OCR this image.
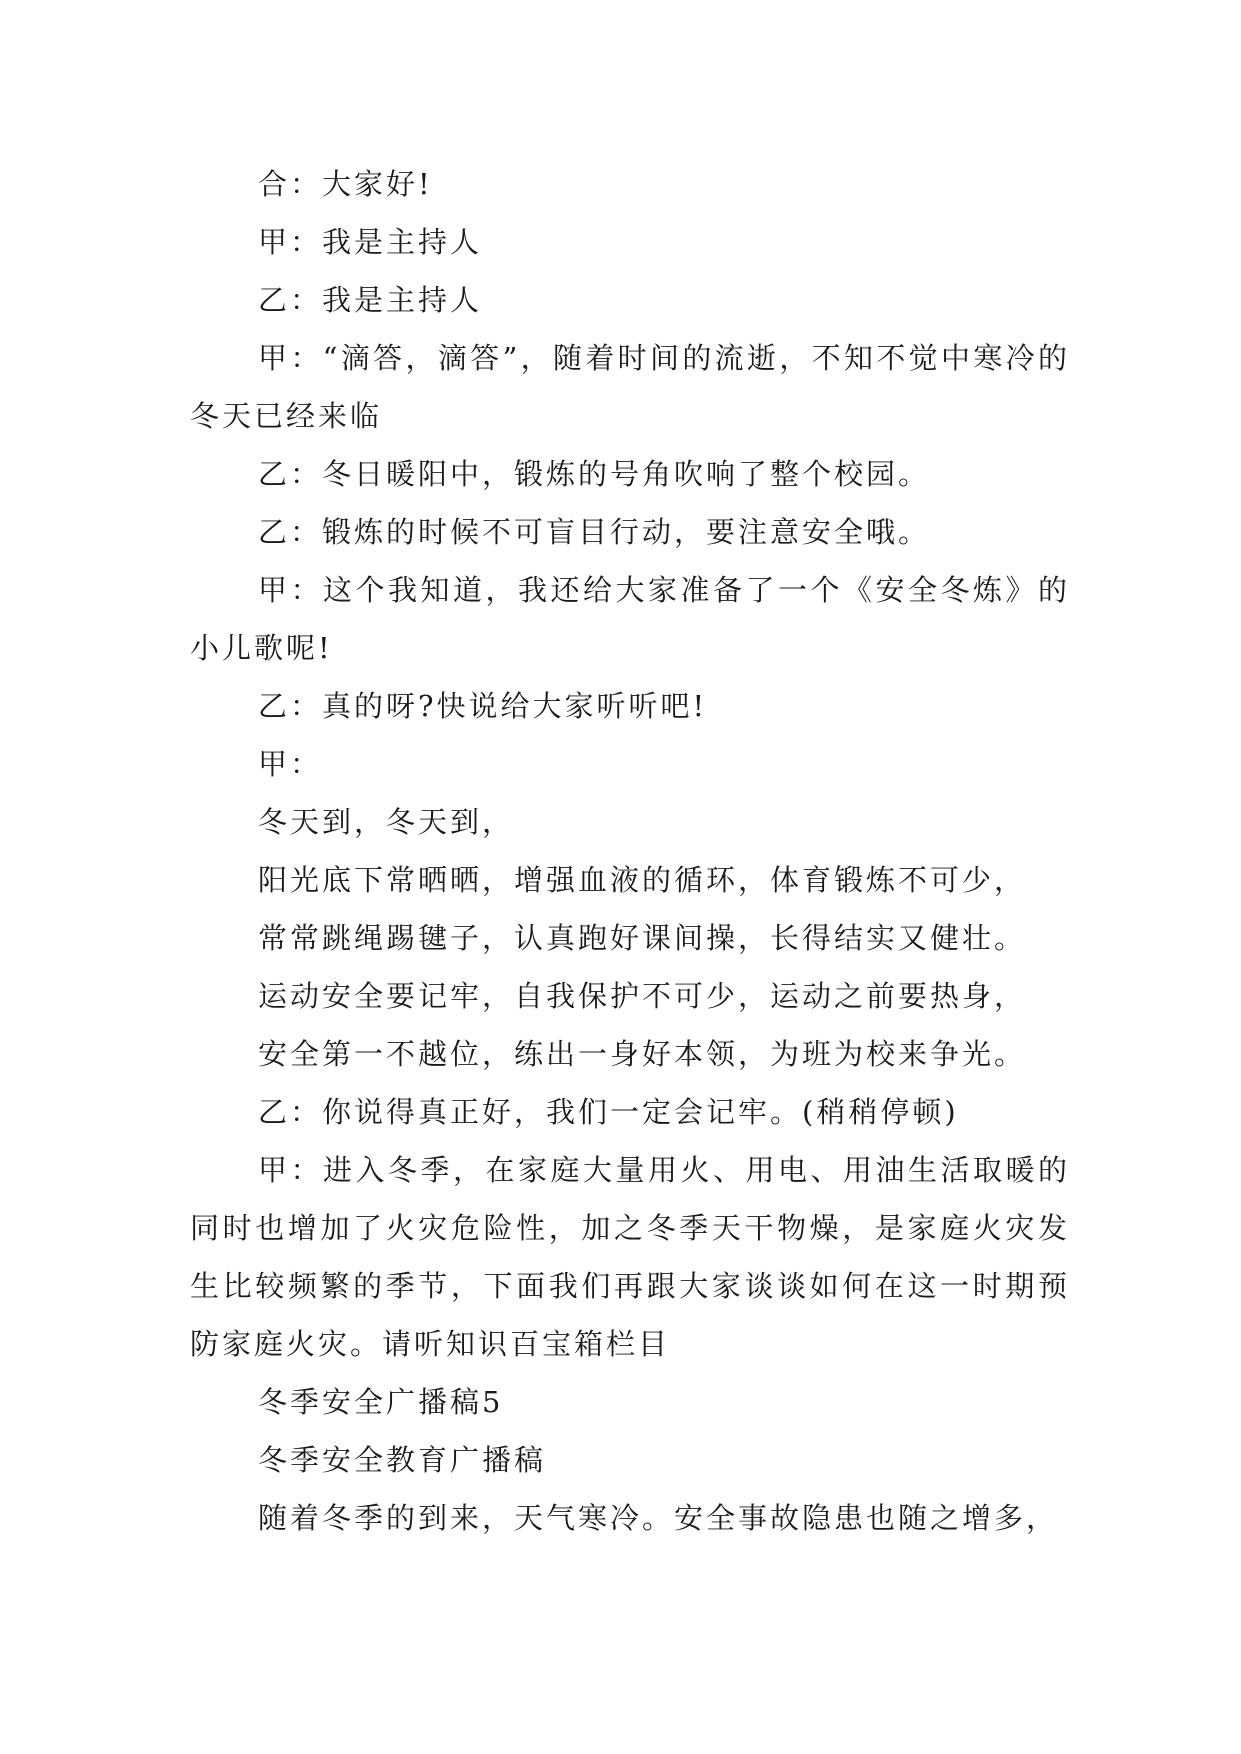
合：大家好!

甲：我是主持人

乙：我是主持人

甲：“滴答，滴答”，随着时间的流逝，不知不觉中寒冷的冬天已经来临

乙：冬日暖阳中，锻炼的号角吹响了整个校园。

乙：锻炼的时候不可盲目行动，要注意安全哦。

甲：这个我知道，我还给大家准备了一个《安全冬炼》的小儿歌呢!

乙：真的呀?快说给大家听听吧!

甲：

冬天到，冬天到，

阳光底下常晒晒，增强血液的循环，体育锻炼不可少，

常常跳绳踢毽子，认真跑好课间操，长得结实又健壮。

运动安全要记牢，自我保护不可少，运动之前要热身，

安全第一不越位，练出一身好本领，为班为校来争光。

乙：你说得真正好，我们一定会记牢。(稍稍停顿)

甲：进入冬季，在家庭大量用火、用电、用油生活取暖的同时也增加了火灾危险性，加之冬季天干物燥，是家庭火灾发生比较频繁的季节，下面我们再跟大家谈谈如何在这一时期预防家庭火灾。请听知识百宝箱栏目

冬季安全广播稿5

冬季安全教育广播稿

随着冬季的到来，天气寒冷。安全事故隐患也随之增多，
